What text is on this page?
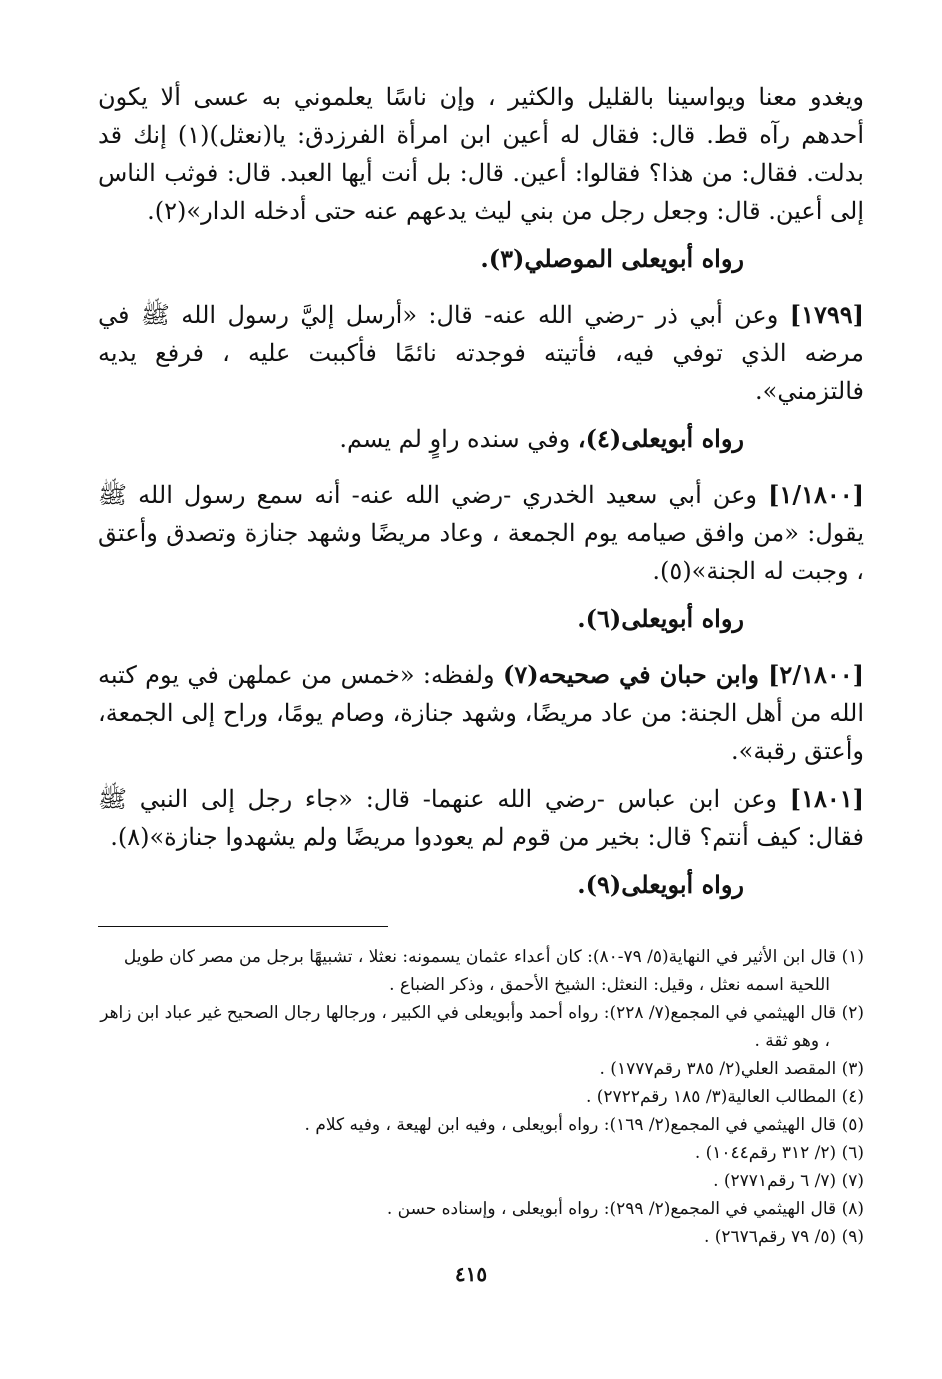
ويغدو معنا ويواسينا بالقليل والكثير ، وإن ناسًا يعلموني به عسى ألا يكون أحدهم رآه قط. قال: فقال له أعين ابن امرأة الفرزدق: يا(نعثل)(١) إنك قد بدلت. فقال: من هذا؟ فقالوا: أعين. قال: بل أنت أيها العبد. قال: فوثب الناس إلى أعين. قال: وجعل رجل من بني ليث يدعهم عنه حتى أدخله الدار»(٢).

رواه أبويعلى الموصلي(٣).

[١٧٩٩] وعن أبي ذر -رضي الله عنه- قال: «أرسل إليَّ رسول الله ﷺ في مرضه الذي توفي فيه، فأتيته فوجدته نائمًا فأكببت عليه ، فرفع يديه فالتزمني».

رواه أبويعلى(٤)، وفي سنده راوٍ لم يسم.

[١/١٨٠٠] وعن أبي سعيد الخدري -رضي الله عنه- أنه سمع رسول الله ﷺ يقول: «من وافق صيامه يوم الجمعة ، وعاد مريضًا وشهد جنازة وتصدق وأعتق ، وجبت له الجنة»(٥).

رواه أبويعلى(٦).

[٢/١٨٠٠] وابن حبان في صحيحه(٧) ولفظه: «خمس من عملهن في يوم كتبه الله من أهل الجنة: من عاد مريضًا، وشهد جنازة، وصام يومًا، وراح إلى الجمعة، وأعتق رقبة».

[١٨٠١] وعن ابن عباس -رضي الله عنهما- قال: «جاء رجل إلى النبي ﷺ فقال: كيف أنتم؟ قال: بخير من قوم لم يعودوا مريضًا ولم يشهدوا جنازة»(٨).

رواه أبويعلى(٩).

(١) قال ابن الأثير في النهاية(٥/ ٧٩-٨٠): كان أعداء عثمان يسمونه: نعثلا ، تشبيهًا برجل من مصر كان طويل اللحية اسمه نعثل ، وقيل: النعثل: الشيخ الأحمق ، وذكر الضباع .

(٢) قال الهيثمي في المجمع(٧/ ٢٢٨): رواه أحمد وأبويعلى في الكبير ، ورجالها رجال الصحيح غير عباد ابن زاهر ، وهو ثقة .

(٣) المقصد العلي(٢/ ٣٨٥ رقم١٧٧٧) .

(٤) المطالب العالية(٣/ ١٨٥ رقم٢٧٢٢) .

(٥) قال الهيثمي في المجمع(٢/ ١٦٩): رواه أبويعلى ، وفيه ابن لهيعة ، وفيه كلام .

(٦) (٢/ ٣١٢ رقم١٠٤٤) .

(٧) (٧/ ٦ رقم٢٧٧١) .

(٨) قال الهيثمي في المجمع(٢/ ٢٩٩): رواه أبويعلى ، وإسناده حسن .

(٩) (٥/ ٧٩ رقم٢٦٧٦) .

٤١٥
